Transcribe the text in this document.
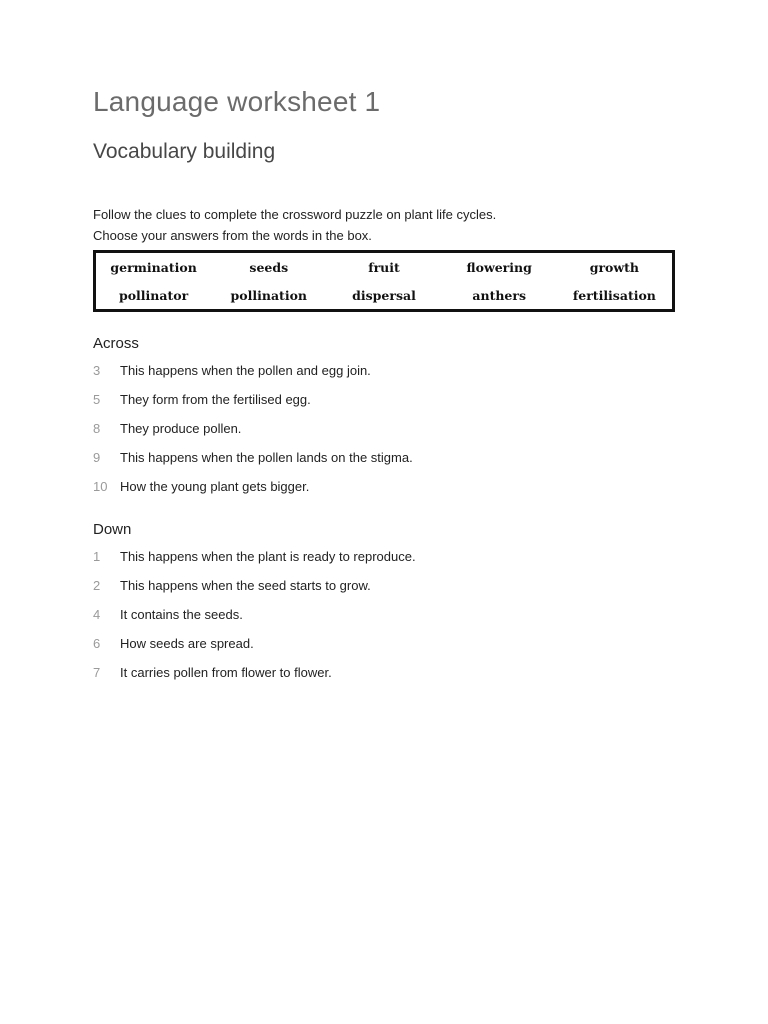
Language worksheet 1
Vocabulary building
Follow the clues to complete the crossword puzzle on plant life cycles.
Choose your answers from the words in the box.
germination	seeds	fruit	flowering	growth
pollinator	pollination	dispersal	anthers	fertilisation
Across
3	This happens when the pollen and egg join.
5	They form from the fertilised egg.
8	They produce pollen.
9	This happens when the pollen lands on the stigma.
10 How the young plant gets bigger.
Down
1	This happens when the plant is ready to reproduce.
2	This happens when the seed starts to grow.
4	It contains the seeds.
6	How seeds are spread.
7	It carries pollen from flower to flower.
